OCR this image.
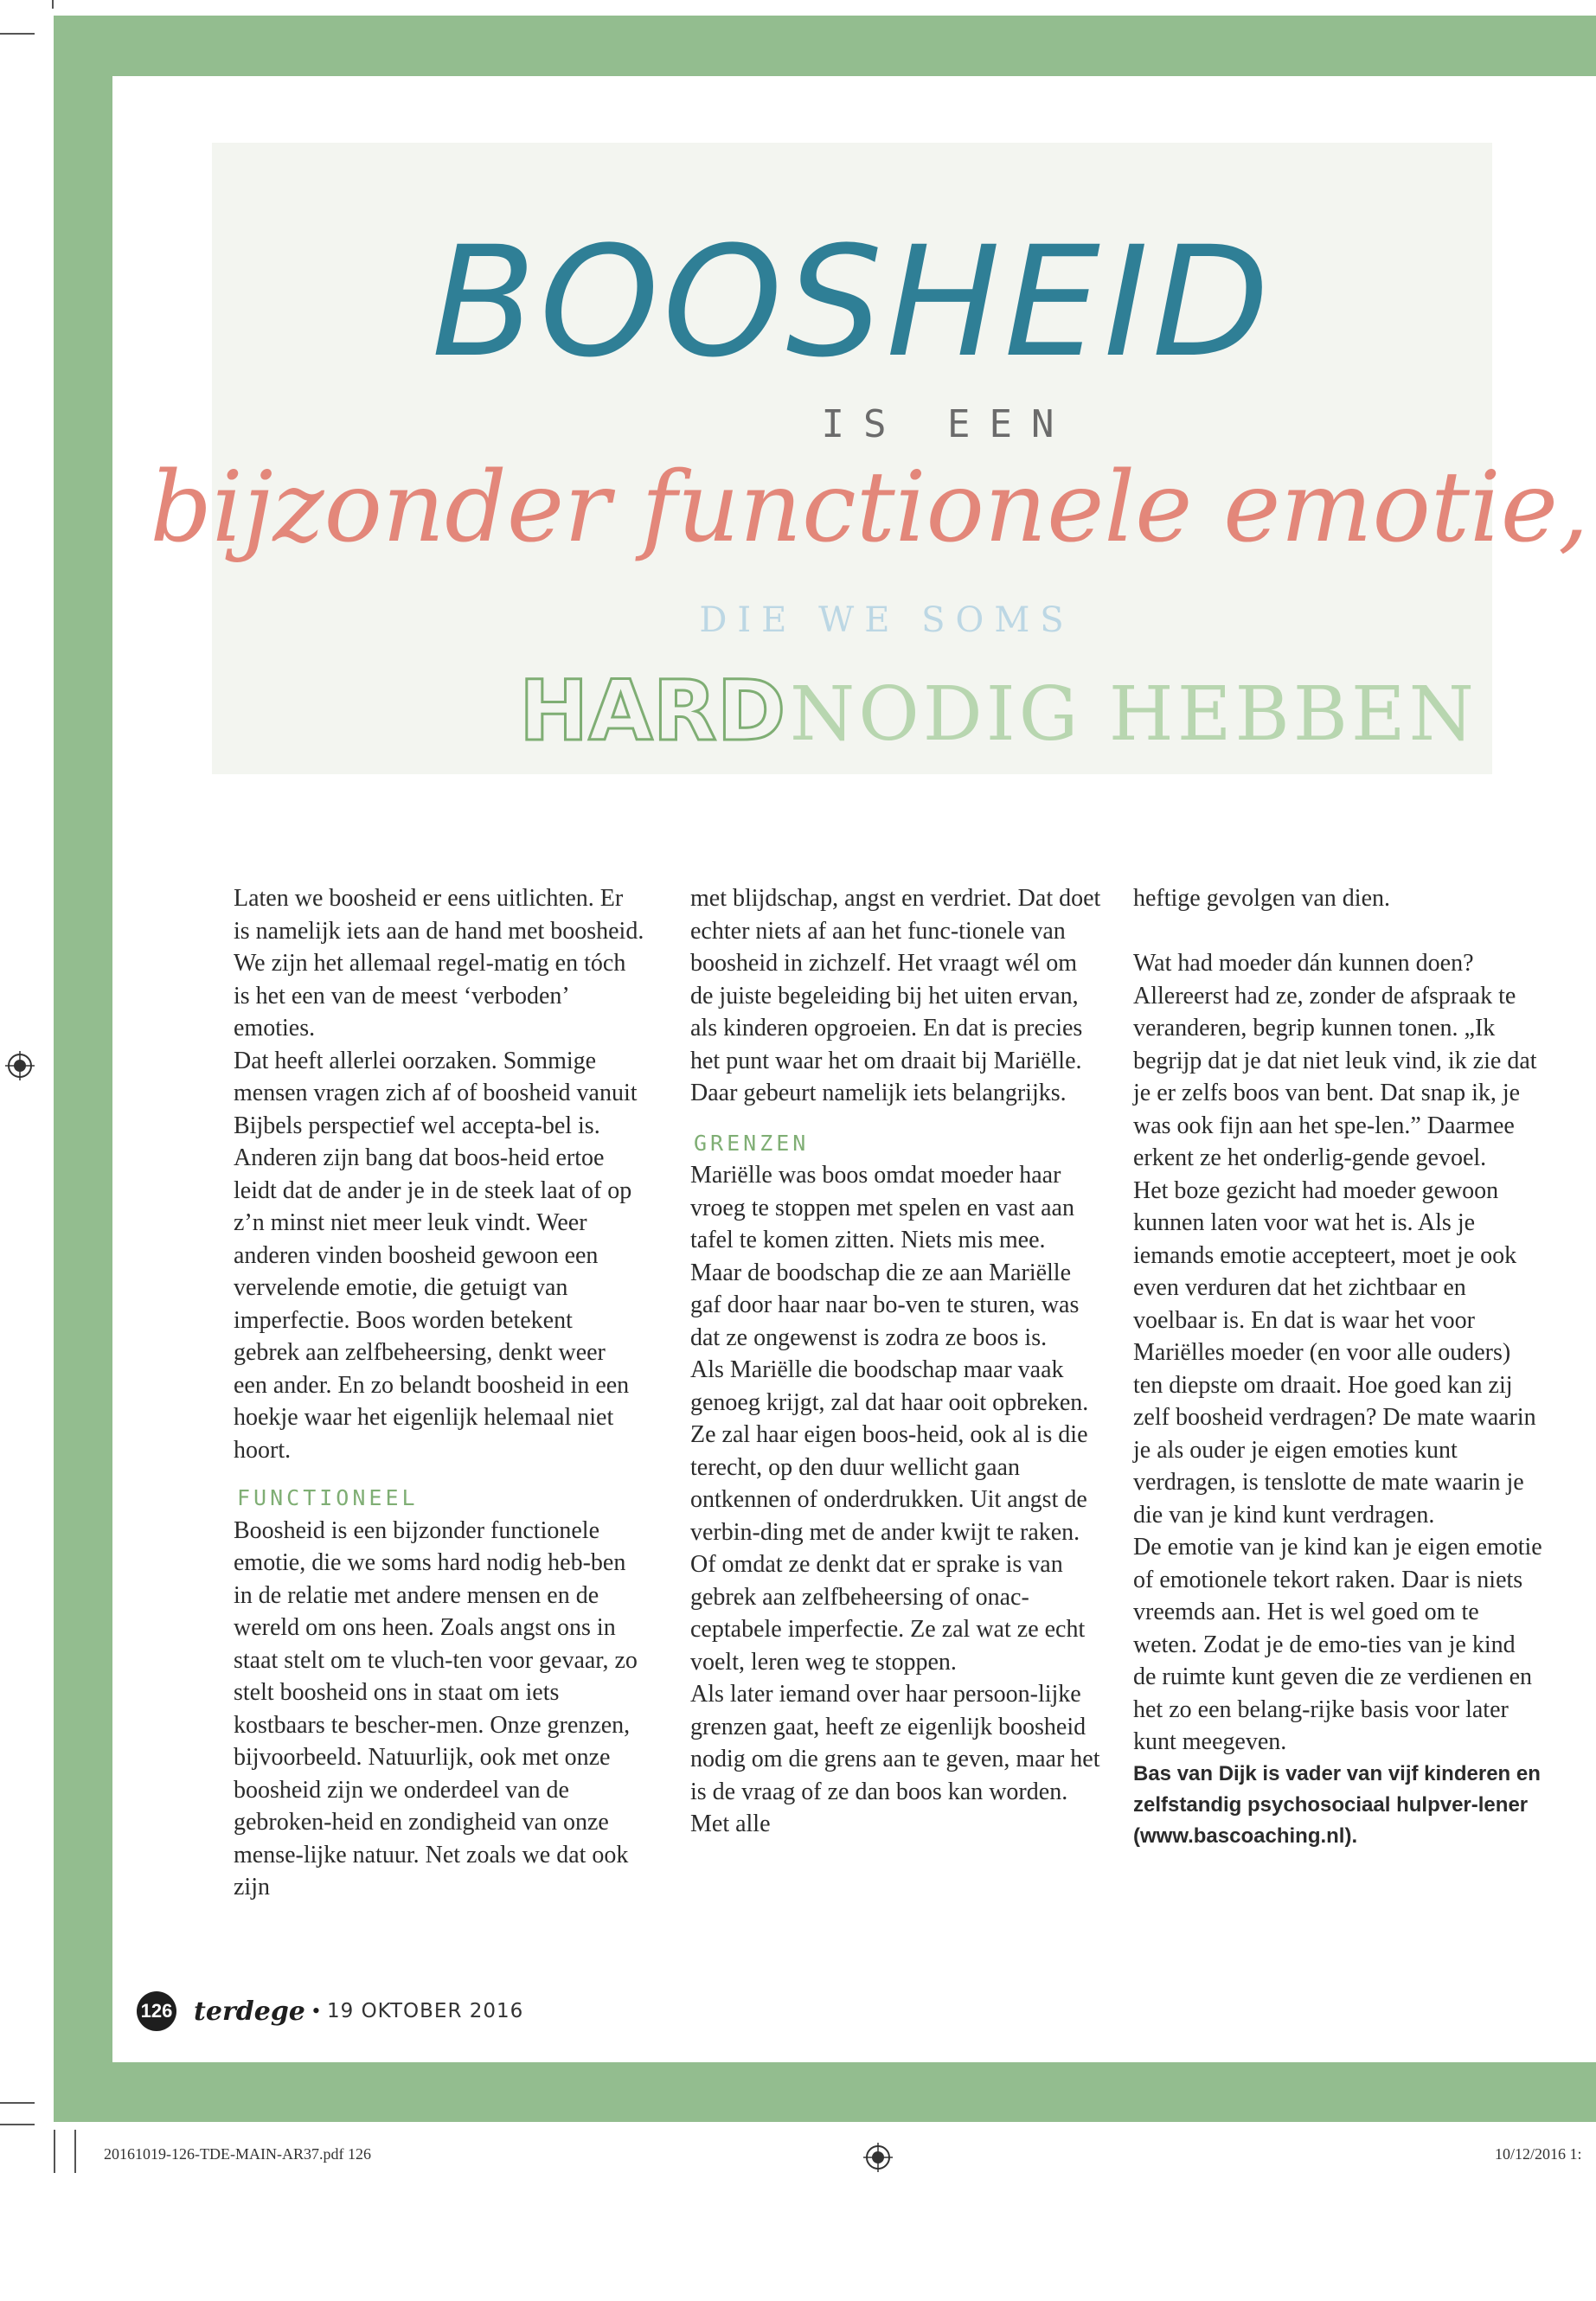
BOOSHEID
IS EEN
bijzonder functionele emotie,
DIE WE SOMS
HARD NODIG HEBBEN

Laten we boosheid er eens uitlichten. Er is namelijk iets aan de hand met boosheid. We zijn het allemaal regel-matig en tóch is het een van de meest ‘verboden’ emoties.

Dat heeft allerlei oorzaken. Sommige mensen vragen zich af of boosheid vanuit Bijbels perspectief wel accepta-bel is. Anderen zijn bang dat boos-heid ertoe leidt dat de ander je in de steek laat of op z’n minst niet meer leuk vindt. Weer anderen vinden boosheid gewoon een vervelende emotie, die getuigt van imperfectie. Boos worden betekent gebrek aan zelfbeheersing, denkt weer een ander. En zo belandt boosheid in een hoekje waar het eigenlijk helemaal niet hoort.

FUNCTIONEEL

Boosheid is een bijzonder functionele emotie, die we soms hard nodig heb-ben in de relatie met andere mensen en de wereld om ons heen. Zoals angst ons in staat stelt om te vluch-ten voor gevaar, zo stelt boosheid ons in staat om iets kostbaars te bescher-men. Onze grenzen, bijvoorbeeld. Natuurlijk, ook met onze boosheid zijn we onderdeel van de gebroken-heid en zondigheid van onze mense-lijke natuur. Net zoals we dat ook zijn

met blijdschap, angst en verdriet. Dat doet echter niets af aan het func-tionele van boosheid in zichzelf. Het vraagt wél om de juiste begeleiding bij het uiten ervan, als kinderen opgroeien. En dat is precies het punt waar het om draait bij Mariëlle. Daar gebeurt namelijk iets belangrijks.

GRENZEN

Mariëlle was boos omdat moeder haar vroeg te stoppen met spelen en vast aan tafel te komen zitten. Niets mis mee. Maar de boodschap die ze aan Mariëlle gaf door haar naar bo-ven te sturen, was dat ze ongewenst is zodra ze boos is.

Als Mariëlle die boodschap maar vaak genoeg krijgt, zal dat haar ooit opbreken. Ze zal haar eigen boos-heid, ook al is die terecht, op den duur wellicht gaan ontkennen of onderdrukken. Uit angst de verbin-ding met de ander kwijt te raken. Of omdat ze denkt dat er sprake is van gebrek aan zelfbeheersing of onac-ceptabele imperfectie. Ze zal wat ze echt voelt, leren weg te stoppen.

Als later iemand over haar persoon-lijke grenzen gaat, heeft ze eigenlijk boosheid nodig om die grens aan te geven, maar het is de vraag of ze dan boos kan worden. Met alle

heftige gevolgen van dien.

Wat had moeder dán kunnen doen? Allereerst had ze, zonder de afspraak te veranderen, begrip kunnen tonen. „Ik begrijp dat je dat niet leuk vind, ik zie dat je er zelfs boos van bent. Dat snap ik, je was ook fijn aan het spe-len.” Daarmee erkent ze het onderlig-gende gevoel.

Het boze gezicht had moeder gewoon kunnen laten voor wat het is. Als je iemands emotie accepteert, moet je ook even verduren dat het zichtbaar en voelbaar is. En dat is waar het voor Mariëlles moeder (en voor alle ouders) ten diepste om draait. Hoe goed kan zij zelf boosheid verdragen? De mate waarin je als ouder je eigen emoties kunt verdragen, is tenslotte de mate waarin je die van je kind kunt verdragen.

De emotie van je kind kan je eigen emotie of emotionele tekort raken. Daar is niets vreemds aan. Het is wel goed om te weten. Zodat je de emo-ties van je kind de ruimte kunt geven die ze verdienen en het zo een belang-rijke basis voor later kunt meegeven.

Bas van Dijk is vader van vijf kinderen en zelfstandig psychosociaal hulpver-lener (www.bascoaching.nl).

126 terdege • 19 OKTOBER 2016
20161019-126-TDE-MAIN-AR37.pdf 126	10/12/2016 1:
